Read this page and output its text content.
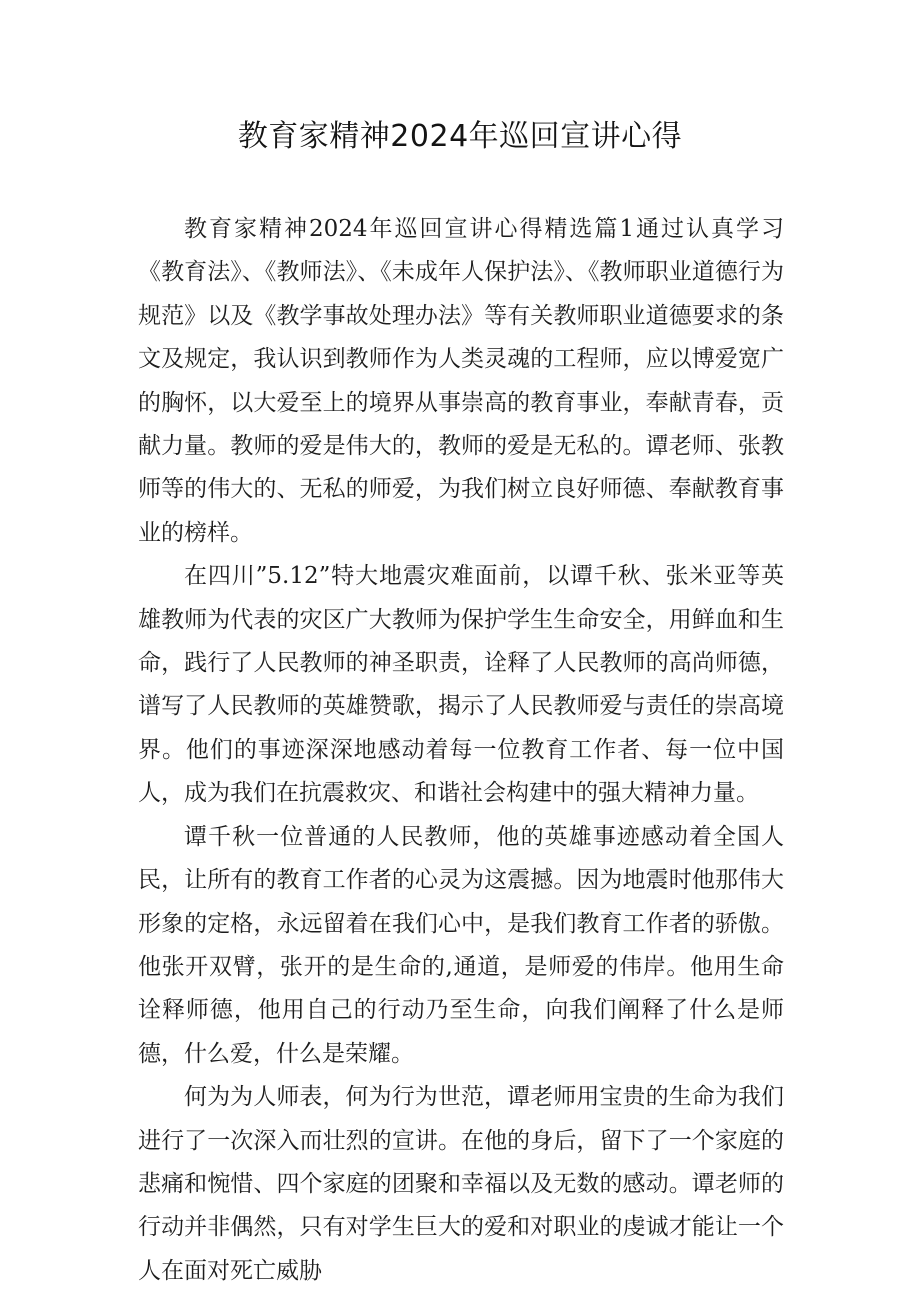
教育家精神2024年巡回宣讲心得

教育家精神2024年巡回宣讲心得精选篇1通过认真学习《教育法》、《教师法》、《未成年人保护法》、《教师职业道德行为规范》以及《教学事故处理办法》等有关教师职业道德要求的条文及规定，我认识到教师作为人类灵魂的工程师，应以博爱宽广的胸怀，以大爱至上的境界从事崇高的教育事业，奉献青春，贡献力量。教师的爱是伟大的，教师的爱是无私的。谭老师、张教师等的伟大的、无私的师爱，为我们树立良好师德、奉献教育事业的榜样。

在四川”5.12”特大地震灾难面前，以谭千秋、张米亚等英雄教师为代表的灾区广大教师为保护学生生命安全，用鲜血和生命，践行了人民教师的神圣职责，诠释了人民教师的高尚师德，谱写了人民教师的英雄赞歌，揭示了人民教师爱与责任的崇高境界。他们的事迹深深地感动着每一位教育工作者、每一位中国人，成为我们在抗震救灾、和谐社会构建中的强大精神力量。

谭千秋一位普通的人民教师，他的英雄事迹感动着全国人民，让所有的教育工作者的心灵为这震撼。因为地震时他那伟大形象的定格，永远留着在我们心中，是我们教育工作者的骄傲。他张开双臂，张开的是生命的,通道，是师爱的伟岸。他用生命诠释师德，他用自己的行动乃至生命，向我们阐释了什么是师德，什么爱，什么是荣耀。

何为为人师表，何为行为世范，谭老师用宝贵的生命为我们进行了一次深入而壮烈的宣讲。在他的身后，留下了一个家庭的悲痛和惋惜、四个家庭的团聚和幸福以及无数的感动。谭老师的行动并非偶然，只有对学生巨大的爱和对职业的虔诚才能让一个人在面对死亡威胁
